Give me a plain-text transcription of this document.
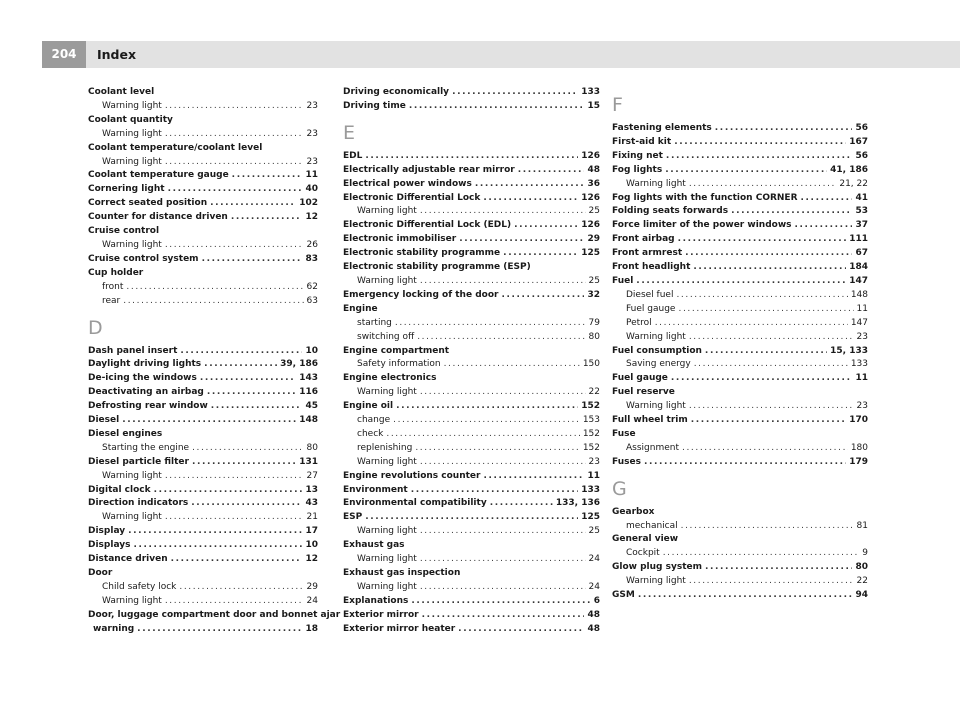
204	Index
Coolant level
Warning light .....	23
Coolant quantity
Warning light .....	23
Coolant temperature/coolant level
Warning light .....	23
Coolant temperature gauge .....	11
Cornering light .....	40
Correct seated position .....	102
Counter for distance driven .....	12
Cruise control
Warning light .....	26
Cruise control system .....	83
Cup holder
front .....	62
rear .....	63
D
Dash panel insert .....	10
Daylight driving lights .....	39, 186
De-icing the windows .....	143
Deactivating an airbag .....	116
Defrosting rear window .....	45
Diesel .....	148
Diesel engines
Starting the engine .....	80
Diesel particle filter .....	131
Warning light .....	27
Digital clock .....	13
Direction indicators .....	43
Warning light .....	21
Display .....	17
Displays .....	10
Distance driven .....	12
Door
Child safety lock .....	29
Warning light .....	24
Door, luggage compartment door and bonnet ajar
warning .....	18
Driving economically .....	133
Driving time .....	15
E
EDL .....	126
Electrically adjustable rear mirror .....	48
Electrical power windows .....	36
Electronic Differential Lock .....	126
Warning light .....	25
Electronic Differential Lock (EDL) .....	126
Electronic immobiliser .....	29
Electronic stability programme .....	125
Electronic stability programme (ESP)
Warning light .....	25
Emergency locking of the door .....	32
Engine
starting .....	79
switching off .....	80
Engine compartment
Safety information .....	150
Engine electronics
Warning light .....	22
Engine oil .....	152
change .....	153
check .....	152
replenishing .....	152
Warning light .....	23
Engine revolutions counter .....	11
Environment .....	133
Environmental compatibility .....	133, 136
ESP .....	125
Warning light .....	25
Exhaust gas
Warning light .....	24
Exhaust gas inspection
Warning light .....	24
Explanations .....	6
Exterior mirror .....	48
Exterior mirror heater .....	48
F
Fastening elements .....	56
First-aid kit .....	167
Fixing net .....	56
Fog lights .....	41, 186
Warning light .....	21, 22
Fog lights with the function CORNER .....	41
Folding seats forwards .....	53
Force limiter of the power windows .....	37
Front airbag .....	111
Front armrest .....	67
Front headlight .....	184
Fuel .....	147
Diesel fuel .....	148
Fuel gauge .....	11
Petrol .....	147
Warning light .....	23
Fuel consumption .....	15, 133
Saving energy .....	133
Fuel gauge .....	11
Fuel reserve
Warning light .....	23
Full wheel trim .....	170
Fuse
Assignment .....	180
Fuses .....	179
G
Gearbox
mechanical .....	81
General view
Cockpit .....	9
Glow plug system .....	80
Warning light .....	22
GSM .....	94
